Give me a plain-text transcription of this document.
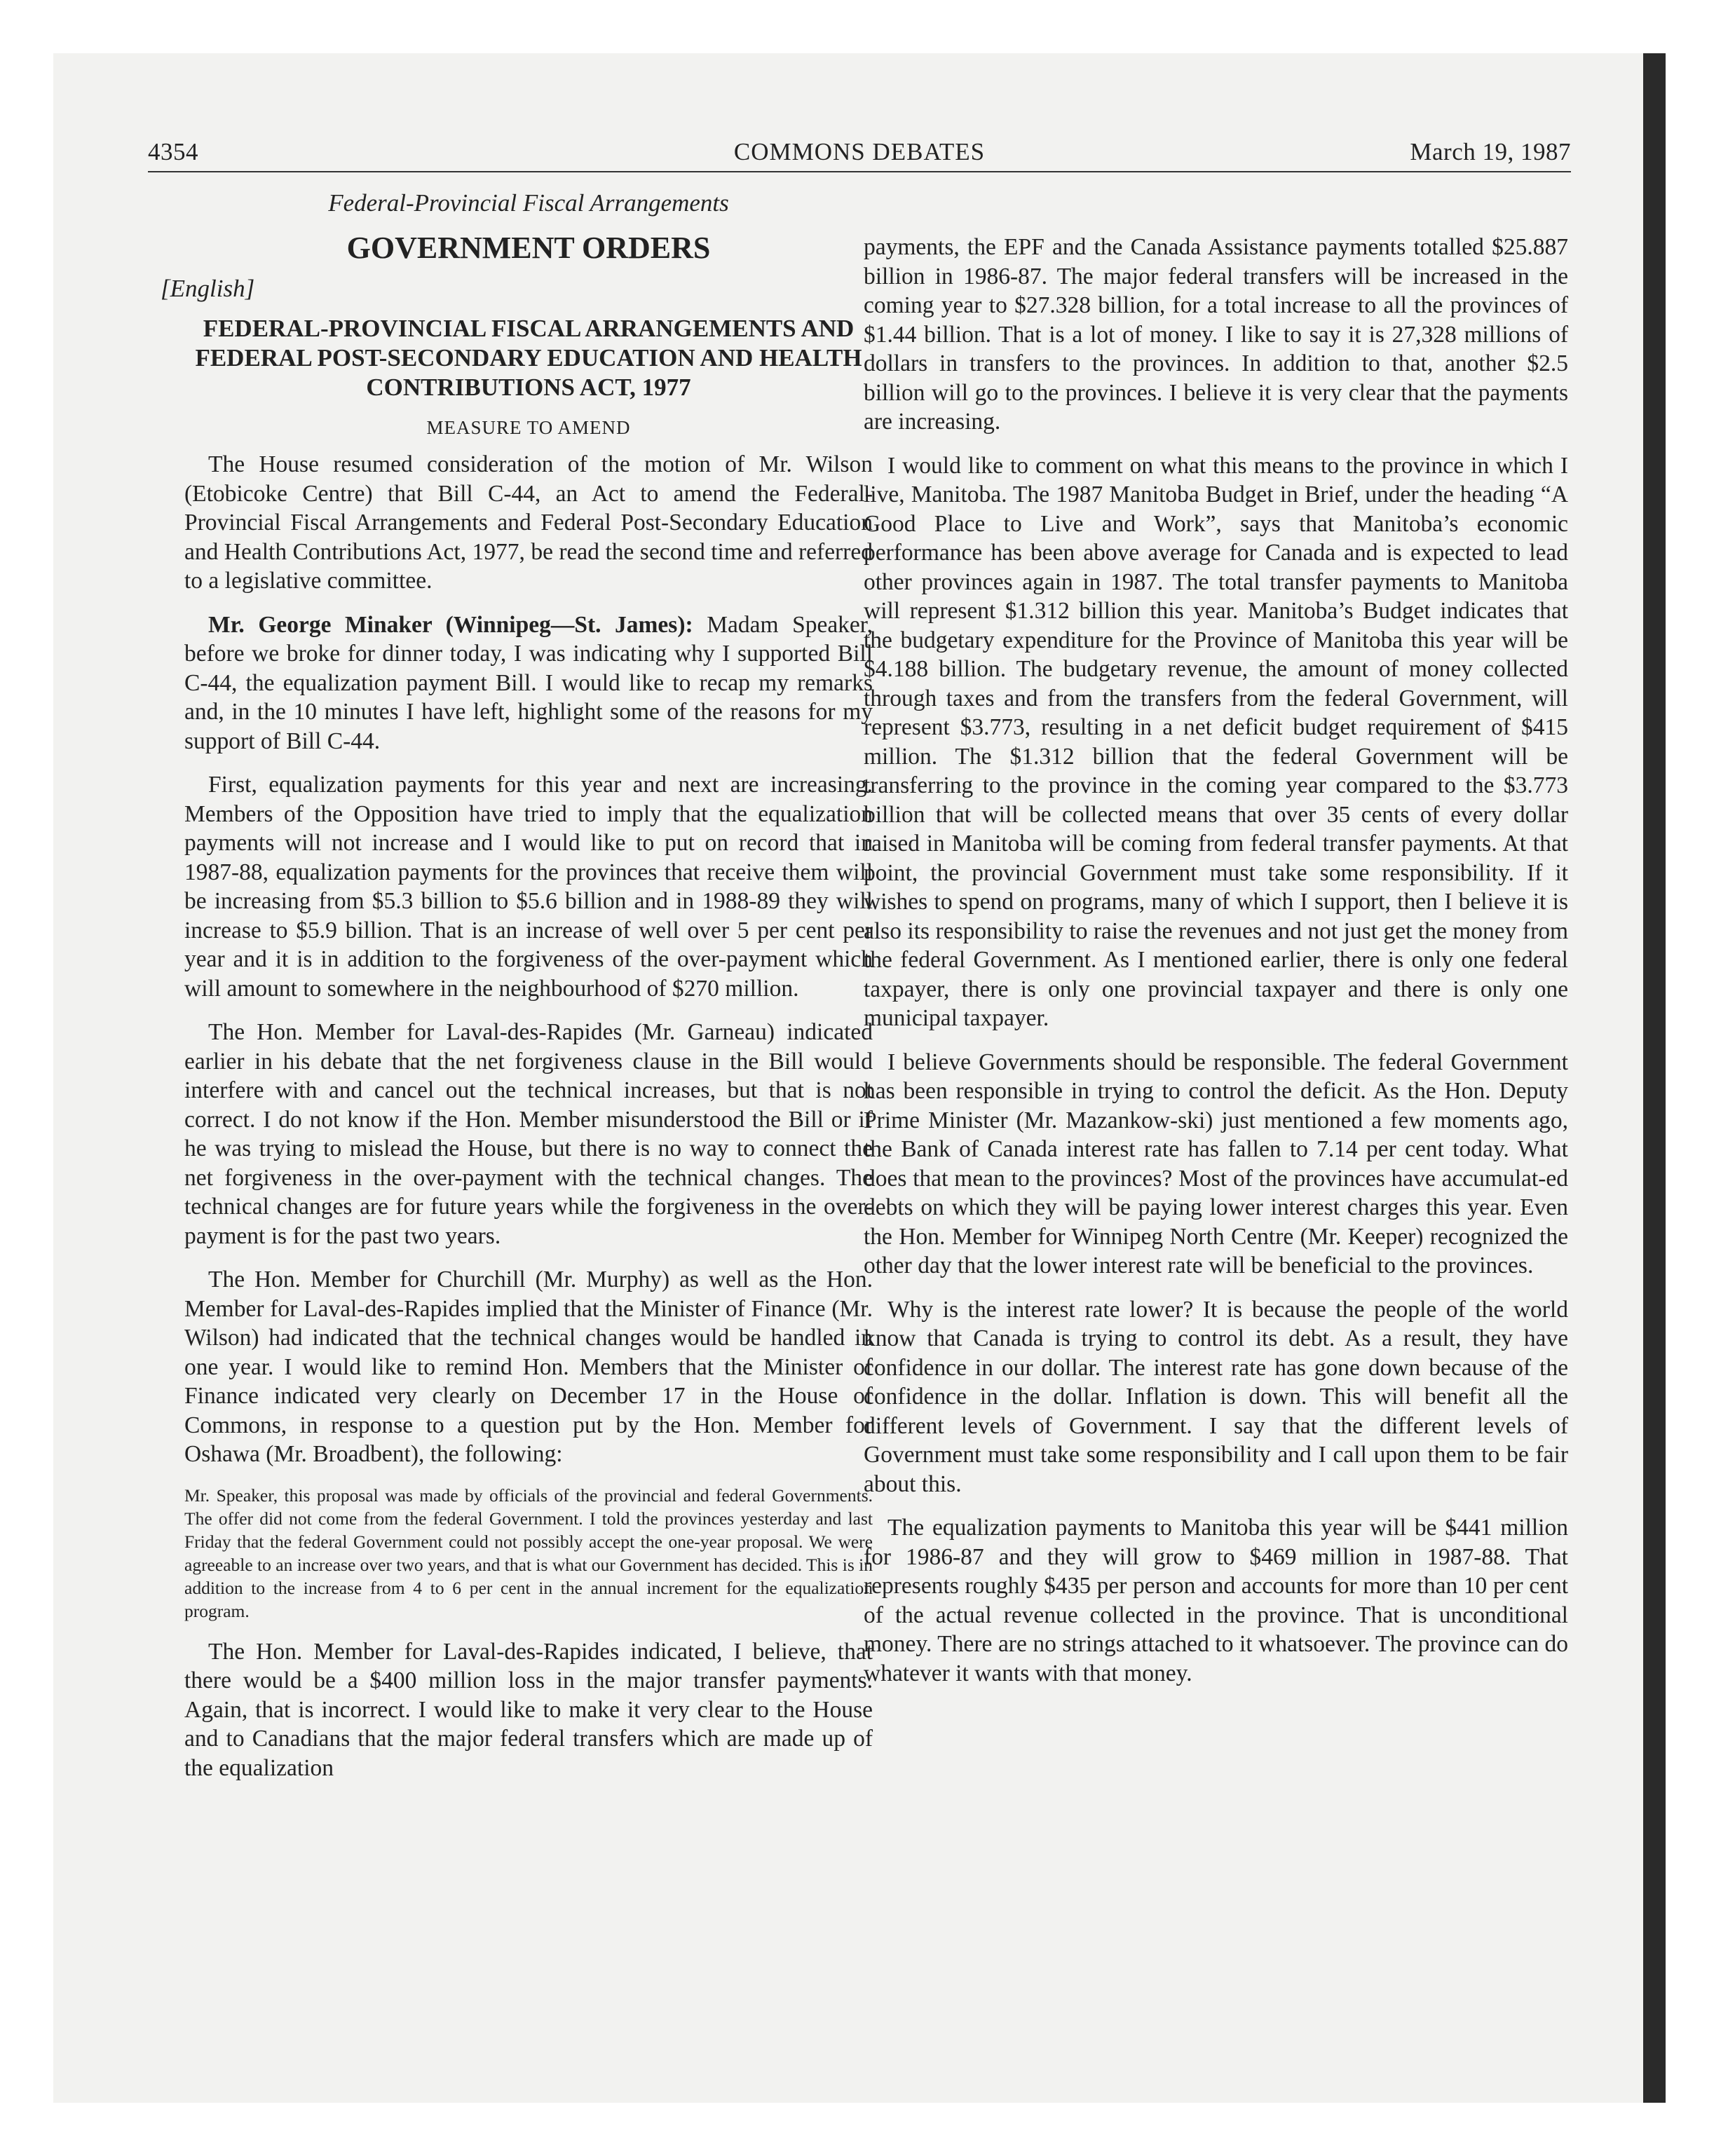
4354	COMMONS DEBATES	March 19, 1987
Federal-Provincial Fiscal Arrangements
GOVERNMENT ORDERS
[English]
FEDERAL-PROVINCIAL FISCAL ARRANGEMENTS AND FEDERAL POST-SECONDARY EDUCATION AND HEALTH CONTRIBUTIONS ACT, 1977
MEASURE TO AMEND

The House resumed consideration of the motion of Mr. Wilson (Etobicoke Centre) that Bill C-44, an Act to amend the Federal-Provincial Fiscal Arrangements and Federal Post-Secondary Education and Health Contributions Act, 1977, be read the second time and referred to a legislative committee.

Mr. George Minaker (Winnipeg—St. James): Madam Speaker, before we broke for dinner today, I was indicating why I supported Bill C-44, the equalization payment Bill. I would like to recap my remarks and, in the 10 minutes I have left, highlight some of the reasons for my support of Bill C-44.

First, equalization payments for this year and next are increasing. Members of the Opposition have tried to imply that the equalization payments will not increase and I would like to put on record that in 1987-88, equalization payments for the provinces that receive them will be increasing from $5.3 billion to $5.6 billion and in 1988-89 they will increase to $5.9 billion. That is an increase of well over 5 per cent per year and it is in addition to the forgiveness of the over-payment which will amount to somewhere in the neighbourhood of $270 million.

The Hon. Member for Laval-des-Rapides (Mr. Garneau) indicated earlier in his debate that the net forgiveness clause in the Bill would interfere with and cancel out the technical increases, but that is not correct. I do not know if the Hon. Member misunderstood the Bill or if he was trying to mislead the House, but there is no way to connect the net forgiveness in the over-payment with the technical changes. The technical changes are for future years while the forgiveness in the over-payment is for the past two years.

The Hon. Member for Churchill (Mr. Murphy) as well as the Hon. Member for Laval-des-Rapides implied that the Minister of Finance (Mr. Wilson) had indicated that the technical changes would be handled in one year. I would like to remind Hon. Members that the Minister of Finance indicated very clearly on December 17 in the House of Commons, in response to a question put by the Hon. Member for Oshawa (Mr. Broadbent), the following:

Mr. Speaker, this proposal was made by officials of the provincial and federal Governments. The offer did not come from the federal Government. I told the provinces yesterday and last Friday that the federal Government could not possibly accept the one-year proposal. We were agreeable to an increase over two years, and that is what our Government has decided. This is in addition to the increase from 4 to 6 per cent in the annual increment for the equalization program.

The Hon. Member for Laval-des-Rapides indicated, I believe, that there would be a $400 million loss in the major transfer payments. Again, that is incorrect. I would like to make it very clear to the House and to Canadians that the major federal transfers which are made up of the equalization

payments, the EPF and the Canada Assistance payments totalled $25.887 billion in 1986-87. The major federal transfers will be increased in the coming year to $27.328 billion, for a total increase to all the provinces of $1.44 billion. That is a lot of money. I like to say it is 27,328 millions of dollars in transfers to the provinces. In addition to that, another $2.5 billion will go to the provinces. I believe it is very clear that the payments are increasing.

I would like to comment on what this means to the province in which I live, Manitoba. The 1987 Manitoba Budget in Brief, under the heading “A Good Place to Live and Work”, says that Manitoba’s economic performance has been above average for Canada and is expected to lead other provinces again in 1987. The total transfer payments to Manitoba will represent $1.312 billion this year. Manitoba’s Budget indicates that the budgetary expenditure for the Province of Manitoba this year will be $4.188 billion. The budgetary revenue, the amount of money collected through taxes and from the transfers from the federal Government, will represent $3.773, resulting in a net deficit budget requirement of $415 million. The $1.312 billion that the federal Government will be transferring to the province in the coming year compared to the $3.773 billion that will be collected means that over 35 cents of every dollar raised in Manitoba will be coming from federal transfer payments. At that point, the provincial Government must take some responsibility. If it wishes to spend on programs, many of which I support, then I believe it is also its responsibility to raise the revenues and not just get the money from the federal Government. As I mentioned earlier, there is only one federal taxpayer, there is only one provincial taxpayer and there is only one municipal taxpayer.

I believe Governments should be responsible. The federal Government has been responsible in trying to control the deficit. As the Hon. Deputy Prime Minister (Mr. Mazankow-ski) just mentioned a few moments ago, the Bank of Canada interest rate has fallen to 7.14 per cent today. What does that mean to the provinces? Most of the provinces have accumulat-ed debts on which they will be paying lower interest charges this year. Even the Hon. Member for Winnipeg North Centre (Mr. Keeper) recognized the other day that the lower interest rate will be beneficial to the provinces.

Why is the interest rate lower? It is because the people of the world know that Canada is trying to control its debt. As a result, they have confidence in our dollar. The interest rate has gone down because of the confidence in the dollar. Inflation is down. This will benefit all the different levels of Government. I say that the different levels of Government must take some responsibility and I call upon them to be fair about this.

The equalization payments to Manitoba this year will be $441 million for 1986-87 and they will grow to $469 million in 1987-88. That represents roughly $435 per person and accounts for more than 10 per cent of the actual revenue collected in the province. That is unconditional money. There are no strings attached to it whatsoever. The province can do whatever it wants with that money.
